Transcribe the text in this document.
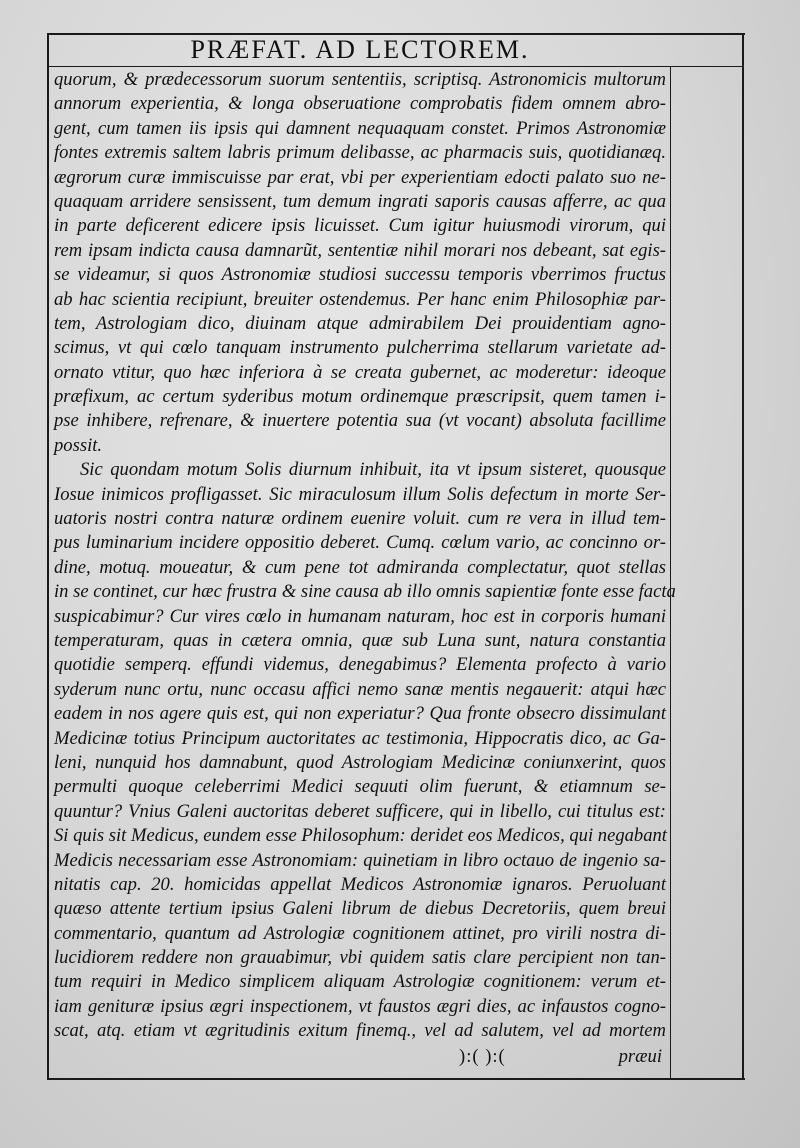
PRÆFAT. AD LECTOREM.
quorum, & prædecessorum suorum sententiis, scriptisq. Astronomicis multorum
annorum experientia, & longa obseruatione comprobatis fidem omnem abro-
gent, cum tamen iis ipsis qui damnent nequaquam constet. Primos Astronomiæ
fontes extremis saltem labris primum delibasse, ac pharmacis suis, quotidianæq.
ægrorum curæ immiscuisse par erat, vbi per experientiam edocti palato suo ne-
quaquam arridere sensissent, tum demum ingrati saporis causas afferre, ac qua
in parte deficerent edicere ipsis licuisset. Cum igitur huiusmodi virorum, qui
rem ipsam indicta causa damnarũt, sententiæ nihil morari nos debeant, sat egis-
se videamur, si quos Astronomiæ studiosi successu temporis vberrimos fructus
ab hac scientia recipiunt, breuiter ostendemus. Per hanc enim Philosophiæ par-
tem, Astrologiam dico, diuinam atque admirabilem Dei prouidentiam agno-
scimus, vt qui cœlo tanquam instrumento pulcherrima stellarum varietate ad-
ornato vtitur, quo hæc inferiora à se creata gubernet, ac moderetur: ideoque
præfixum, ac certum syderibus motum ordinemque præscripsit, quem tamen i-
pse inhibere, refrenare, & inuertere potentia sua (vt vocant) absoluta facillime
possit.
Sic quondam motum Solis diurnum inhibuit, ita vt ipsum sisteret, quousque
Iosue inimicos profligasset. Sic miraculosum illum Solis defectum in morte Ser-
uatoris nostri contra naturæ ordinem euenire voluit. cum re vera in illud tem-
pus luminarium incidere oppositio deberet. Cumq. cœlum vario, ac concinno or-
dine, motuq. moueatur, & cum pene tot admiranda complectatur, quot stellas
in se continet, cur hæc frustra & sine causa ab illo omnis sapientiæ fonte esse facta
suspicabimur? Cur vires cœlo in humanam naturam, hoc est in corporis humani
temperaturam, quas in cætera omnia, quæ sub Luna sunt, natura constantia
quotidie semperq. effundi videmus, denegabimus? Elementa profecto à vario
syderum nunc ortu, nunc occasu affici nemo sanæ mentis negauerit: atqui hæc
eadem in nos agere quis est, qui non experiatur? Qua fronte obsecro dissimulant
Medicinæ totius Principum auctoritates ac testimonia, Hippocratis dico, ac Ga-
leni, nunquid hos damnabunt, quod Astrologiam Medicinæ coniunxerint, quos
permulti quoque celeberrimi Medici sequuti olim fuerunt, & etiamnum se-
quuntur? Vnius Galeni auctoritas deberet sufficere, qui in libello, cui titulus est:
Si quis sit Medicus, eundem esse Philosophum: deridet eos Medicos, qui negabant
Medicis necessariam esse Astronomiam: quinetiam in libro octauo de ingenio sa-
nitatis cap. 20. homicidas appellat Medicos Astronomiæ ignaros. Peruoluant
quæso attente tertium ipsius Galeni librum de diebus Decretoriis, quem breui
commentario, quantum ad Astrologiæ cognitionem attinet, pro virili nostra di-
lucidiorem reddere non grauabimur, vbi quidem satis clare percipient non tan-
tum requiri in Medico simplicem aliquam Astrologiæ cognitionem: verum et-
iam genituræ ipsius ægri inspectionem, vt faustos ægri dies, ac infaustos cogno-
scat, atq. etiam vt ægritudinis exitum finemq., vel ad salutem, vel ad mortem
):( ):(	præui
